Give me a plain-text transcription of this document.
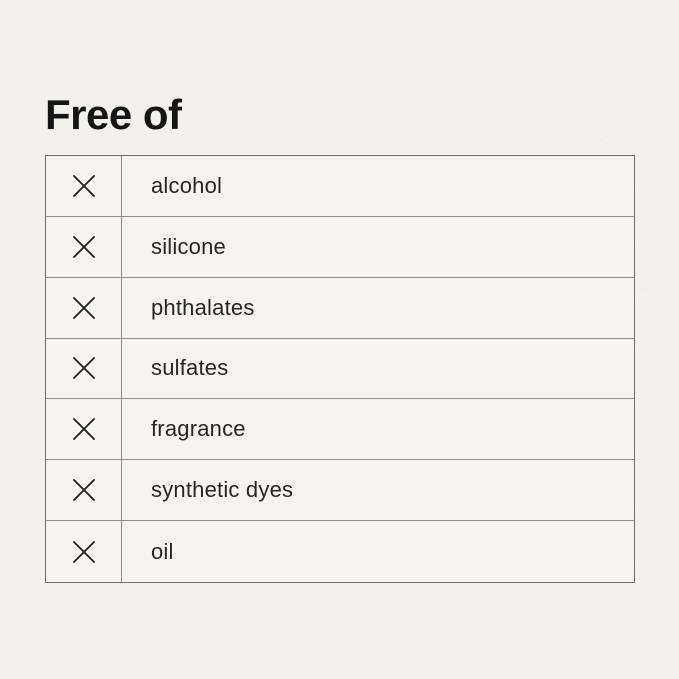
Free of
alcohol
silicone
phthalates
sulfates
fragrance
synthetic dyes
oil
